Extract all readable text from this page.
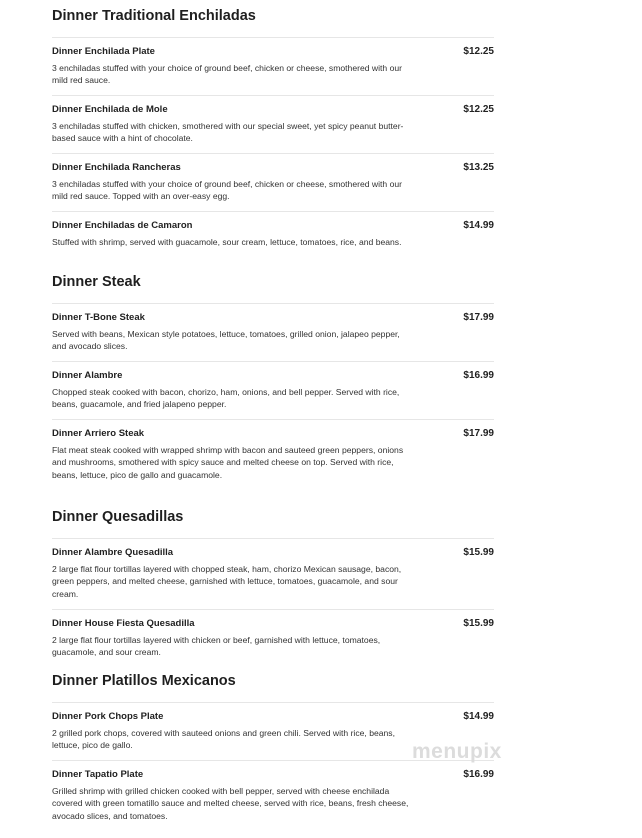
Dinner Traditional Enchiladas
Dinner Enchilada Plate	$12.25
3 enchiladas stuffed with your choice of ground beef, chicken or cheese, smothered with our mild red sauce.
Dinner Enchilada de Mole	$12.25
3 enchiladas stuffed with chicken, smothered with our special sweet, yet spicy peanut butter-based sauce with a hint of chocolate.
Dinner Enchilada Rancheras	$13.25
3 enchiladas stuffed with your choice of ground beef, chicken or cheese, smothered with our mild red sauce. Topped with an over-easy egg.
Dinner Enchiladas de Camaron	$14.99
Stuffed with shrimp, served with guacamole, sour cream, lettuce, tomatoes, rice, and beans.
Dinner Steak
Dinner T-Bone Steak	$17.99
Served with beans, Mexican style potatoes, lettuce, tomatoes, grilled onion, jalapeo pepper, and avocado slices.
Dinner Alambre	$16.99
Chopped steak cooked with bacon, chorizo, ham, onions, and bell pepper. Served with rice, beans, guacamole, and fried jalapeno pepper.
Dinner Arriero Steak	$17.99
Flat meat steak cooked with wrapped shrimp with bacon and sauteed green peppers, onions and mushrooms, smothered with spicy sauce and melted cheese on top. Served with rice, beans, lettuce, pico de gallo and guacamole.
Dinner Quesadillas
Dinner Alambre Quesadilla	$15.99
2 large flat flour tortillas layered with chopped steak, ham, chorizo Mexican sausage, bacon, green peppers, and melted cheese, garnished with lettuce, tomatoes, guacamole, and sour cream.
Dinner House Fiesta Quesadilla	$15.99
2 large flat flour tortillas layered with chicken or beef, garnished with lettuce, tomatoes, guacamole, and sour cream.
Dinner Platillos Mexicanos
Dinner Pork Chops Plate	$14.99
2 grilled pork chops, covered with sauteed onions and green chili. Served with rice, beans, lettuce, pico de gallo.
Dinner Tapatio Plate	$16.99
Grilled shrimp with grilled chicken cooked with bell pepper, served with cheese enchilada covered with green tomatillo sauce and melted cheese, served with rice, beans, fresh cheese, avocado slices, and tomatoes.
menupix
